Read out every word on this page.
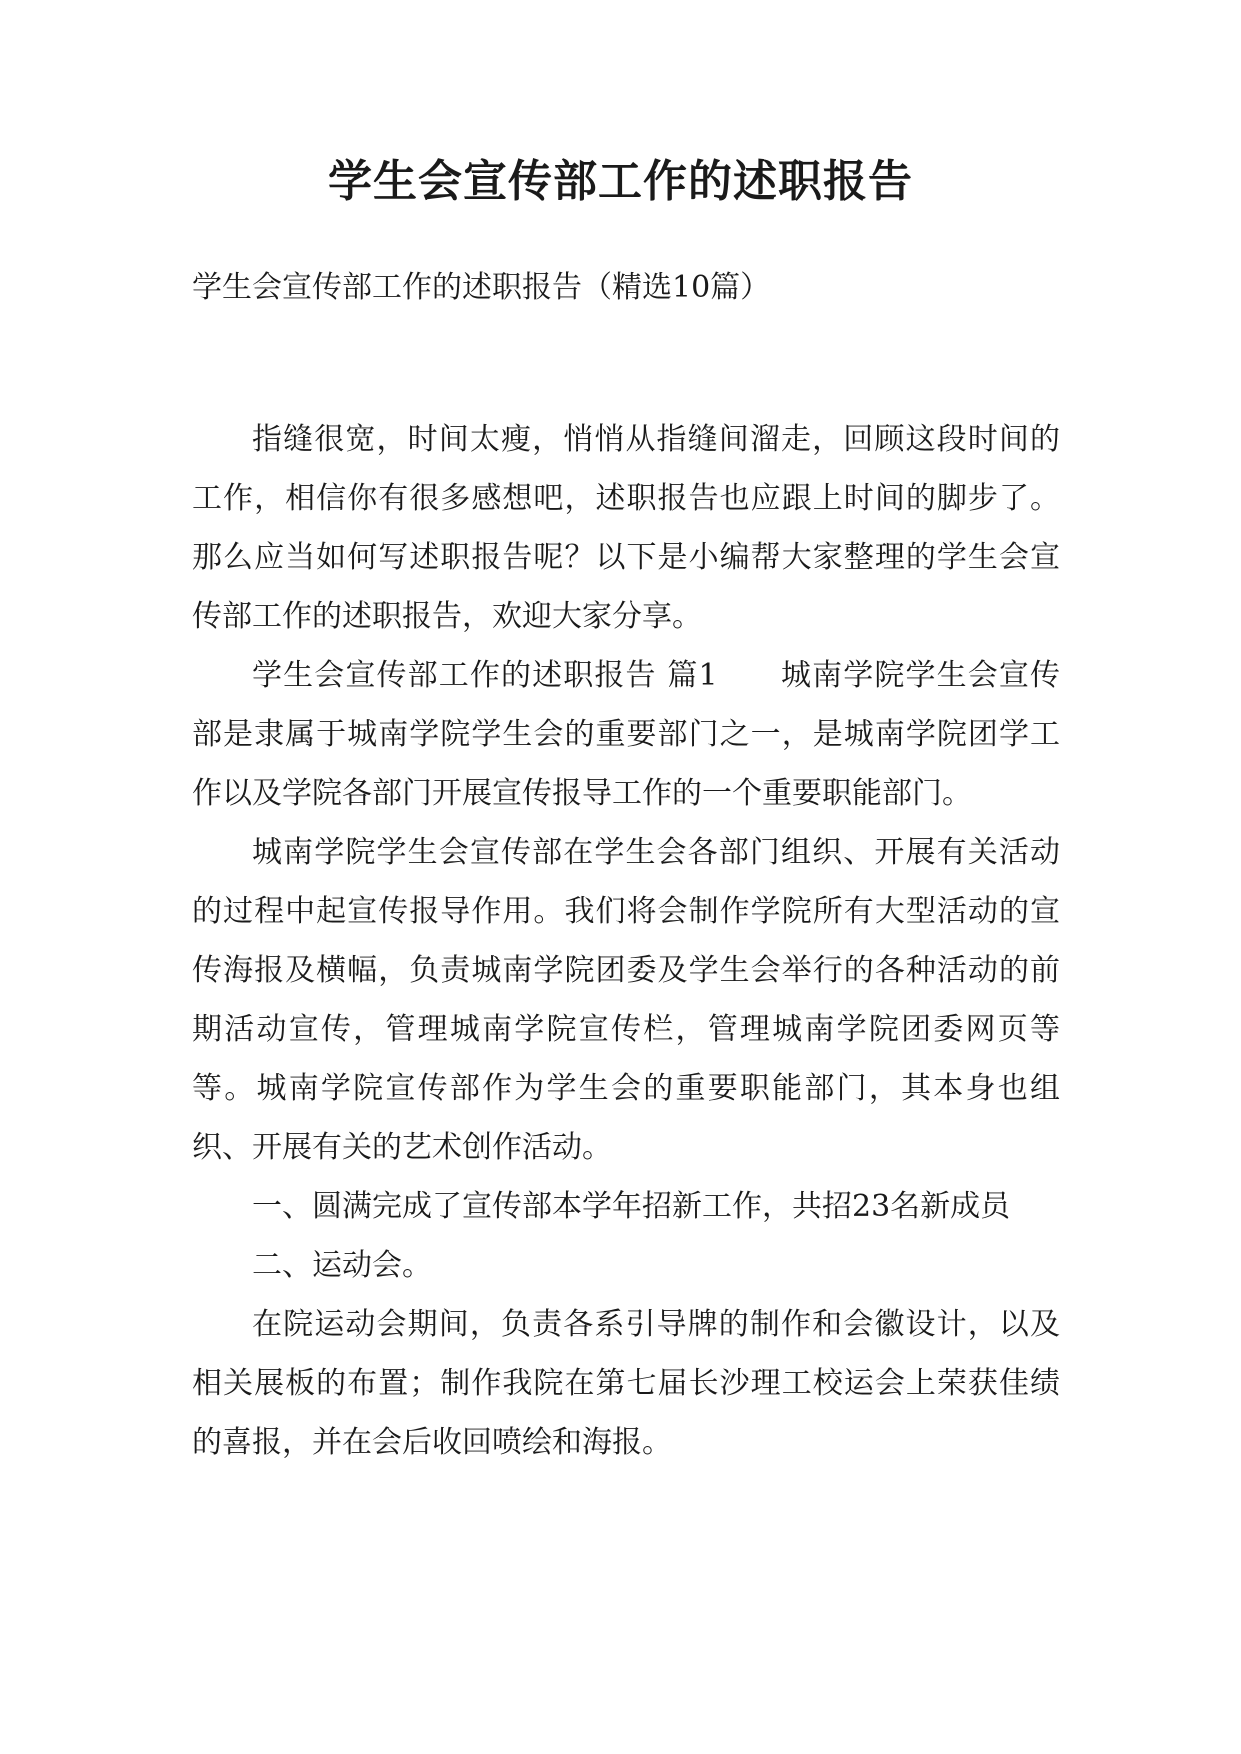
学生会宣传部工作的述职报告

学生会宣传部工作的述职报告（精选10篇）

指缝很宽，时间太瘦，悄悄从指缝间溜走，回顾这段时间的工作，相信你有很多感想吧，述职报告也应跟上时间的脚步了。那么应当如何写述职报告呢？以下是小编帮大家整理的学生会宣传部工作的述职报告，欢迎大家分享。

学生会宣传部工作的述职报告 篇1　　城南学院学生会宣传部是隶属于城南学院学生会的重要部门之一，是城南学院团学工作以及学院各部门开展宣传报导工作的一个重要职能部门。

城南学院学生会宣传部在学生会各部门组织、开展有关活动的过程中起宣传报导作用。我们将会制作学院所有大型活动的宣传海报及横幅，负责城南学院团委及学生会举行的各种活动的前期活动宣传，管理城南学院宣传栏，管理城南学院团委网页等等。城南学院宣传部作为学生会的重要职能部门，其本身也组织、开展有关的艺术创作活动。

一、圆满完成了宣传部本学年招新工作，共招23名新成员

二、运动会。

在院运动会期间，负责各系引导牌的制作和会徽设计，以及相关展板的布置；制作我院在第七届长沙理工校运会上荣获佳绩的喜报，并在会后收回喷绘和海报。
